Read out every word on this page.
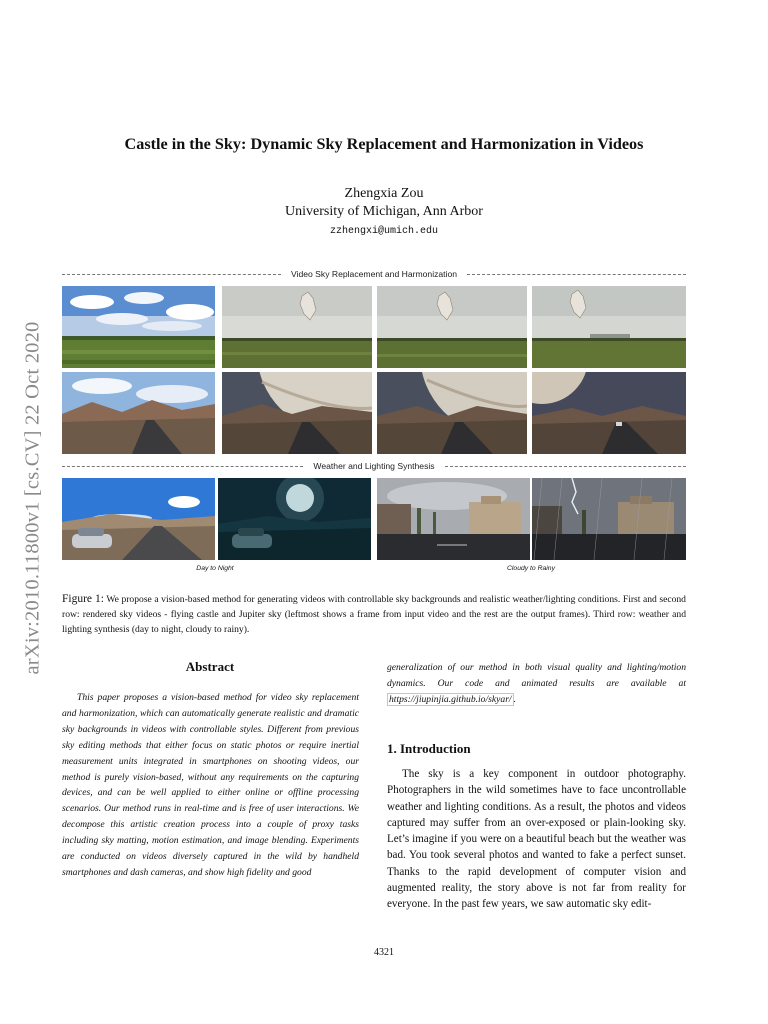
arXiv:2010.11800v1 [cs.CV] 22 Oct 2020
Castle in the Sky: Dynamic Sky Replacement and Harmonization in Videos
Zhengxia Zou
University of Michigan, Ann Arbor
zzhengxi@umich.edu
Video Sky Replacement and Harmonization
Weather and Lighting Synthesis
Day to Night	Cloudy to Rainy
Figure 1: We propose a vision-based method for generating videos with controllable sky backgrounds and realistic weather/lighting conditions. First and second row: rendered sky videos - flying castle and Jupiter sky (leftmost shows a frame from input video and the rest are the output frames). Third row: weather and lighting synthesis (day to night, cloudy to rainy).
Abstract

This paper proposes a vision-based method for video sky replacement and harmonization, which can automatically generate realistic and dramatic sky backgrounds in videos with controllable styles. Different from previous sky editing methods that either focus on static photos or require inertial measurement units integrated in smartphones on shooting videos, our method is purely vision-based, without any requirements on the capturing devices, and can be well applied to either online or offline processing scenarios. Our method runs in real-time and is free of user interactions. We decompose this artistic creation process into a couple of proxy tasks including sky matting, motion estimation, and image blending. Experiments are conducted on videos diversely captured in the wild by handheld smartphones and dash cameras, and show high fidelity and good

generalization of our method in both visual quality and lighting/motion dynamics. Our code and animated results are available at https://jiupinjia.github.io/skyar/ .

1. Introduction

The sky is a key component in outdoor photography. Photographers in the wild sometimes have to face uncontrollable weather and lighting conditions. As a result, the photos and videos captured may suffer from an over-exposed or plain-looking sky. Let’s imagine if you were on a beautiful beach but the weather was bad. You took several photos and wanted to fake a perfect sunset. Thanks to the rapid development of computer vision and augmented reality, the story above is not far from reality for everyone. In the past few years, we saw automatic sky edit-

4321
